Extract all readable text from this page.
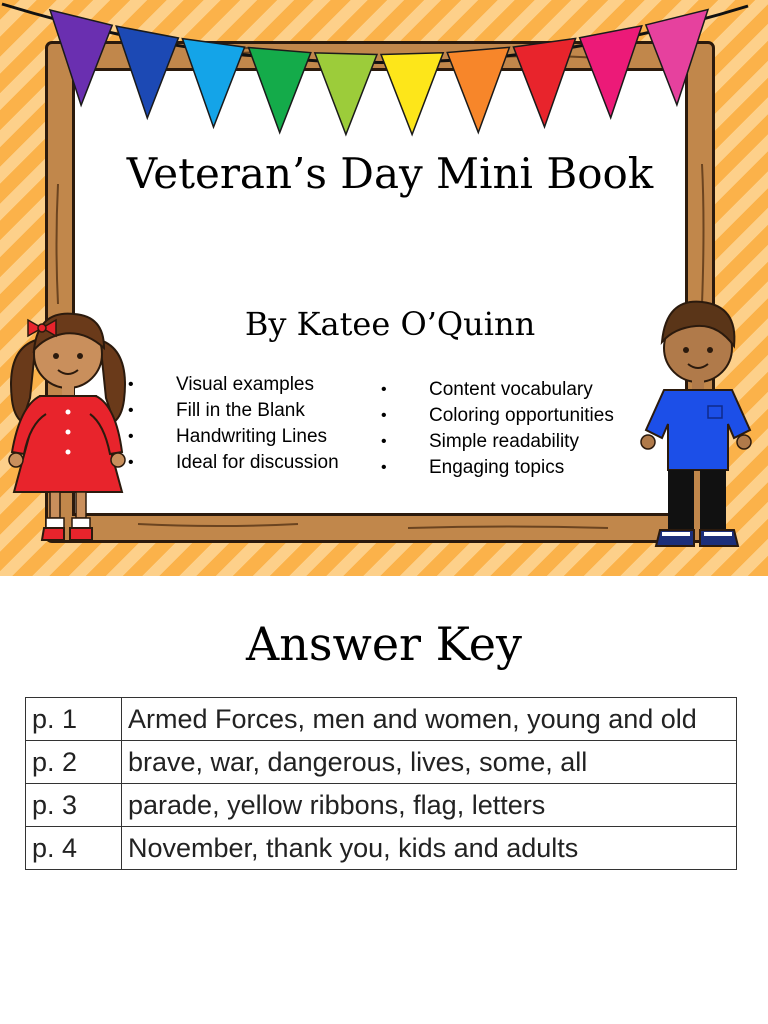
Veteran’s Day Mini Book
By Katee O’Quinn
• Visual examples
• Fill in the Blank
• Handwriting Lines
• Ideal for discussion
• Content vocabulary
• Coloring opportunities
• Simple readability
• Engaging topics
Answer Key
p. 1	Armed Forces, men and women, young and old
p. 2	brave, war, dangerous, lives, some, all
p. 3	parade, yellow ribbons, flag, letters
p. 4	November, thank you, kids and adults
